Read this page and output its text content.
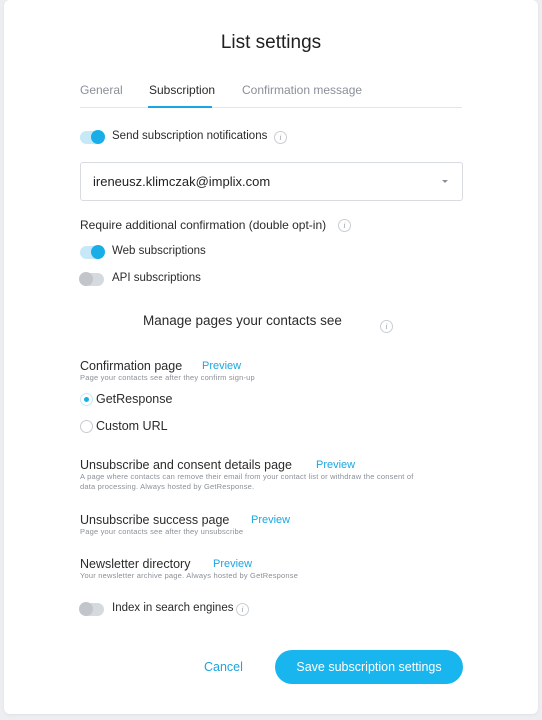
List settings
General Subscription Confirmation message
Send subscription notifications	i
ireneusz.klimczak@implix.com
Require additional confirmation (double opt-in)	i
Web subscriptions
API subscriptions
Manage pages your contacts see	i
Confirmation page Preview
Page your contacts see after they confirm sign-up
GetResponse
Custom URL
Unsubscribe and consent details page Preview
A page where contacts can remove their email from your contact list or withdraw the consent of
data processing. Always hosted by GetResponse.
Unsubscribe success page Preview
Page your contacts see after they unsubscribe
Newsletter directory Preview
Your newsletter archive page. Always hosted by GetResponse
Index in search engines i
Cancel	Save subscription settings
